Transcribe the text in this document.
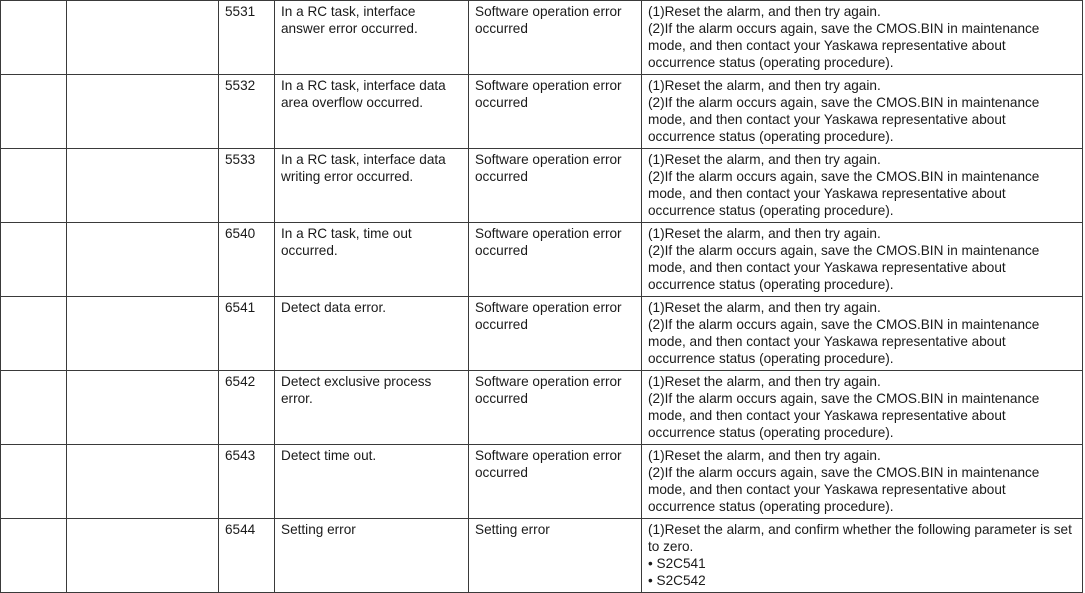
		5531	In a RC task, interface answer error occurred.	Software operation error occurred	(1)Reset the alarm, and then try again.
(2)If the alarm occurs again, save the CMOS.BIN in maintenance mode, and then contact your Yaskawa representative about occurrence status (operating procedure).

		5532	In a RC task, interface data area overflow occurred.	Software operation error occurred	(1)Reset the alarm, and then try again.
(2)If the alarm occurs again, save the CMOS.BIN in maintenance mode, and then contact your Yaskawa representative about occurrence status (operating procedure).

		5533	In a RC task, interface data writing error occurred.	Software operation error occurred	(1)Reset the alarm, and then try again.
(2)If the alarm occurs again, save the CMOS.BIN in maintenance mode, and then contact your Yaskawa representative about occurrence status (operating procedure).

		6540	In a RC task, time out occurred.	Software operation error occurred	(1)Reset the alarm, and then try again.
(2)If the alarm occurs again, save the CMOS.BIN in maintenance mode, and then contact your Yaskawa representative about occurrence status (operating procedure).

		6541	Detect data error.	Software operation error occurred	(1)Reset the alarm, and then try again.
(2)If the alarm occurs again, save the CMOS.BIN in maintenance mode, and then contact your Yaskawa representative about occurrence status (operating procedure).

		6542	Detect exclusive process error.	Software operation error occurred	(1)Reset the alarm, and then try again.
(2)If the alarm occurs again, save the CMOS.BIN in maintenance mode, and then contact your Yaskawa representative about occurrence status (operating procedure).

		6543	Detect time out.	Software operation error occurred	(1)Reset the alarm, and then try again.
(2)If the alarm occurs again, save the CMOS.BIN in maintenance mode, and then contact your Yaskawa representative about occurrence status (operating procedure).

		6544	Setting error	Setting error	(1)Reset the alarm, and confirm whether the following parameter is set to zero.
• S2C541
• S2C542
